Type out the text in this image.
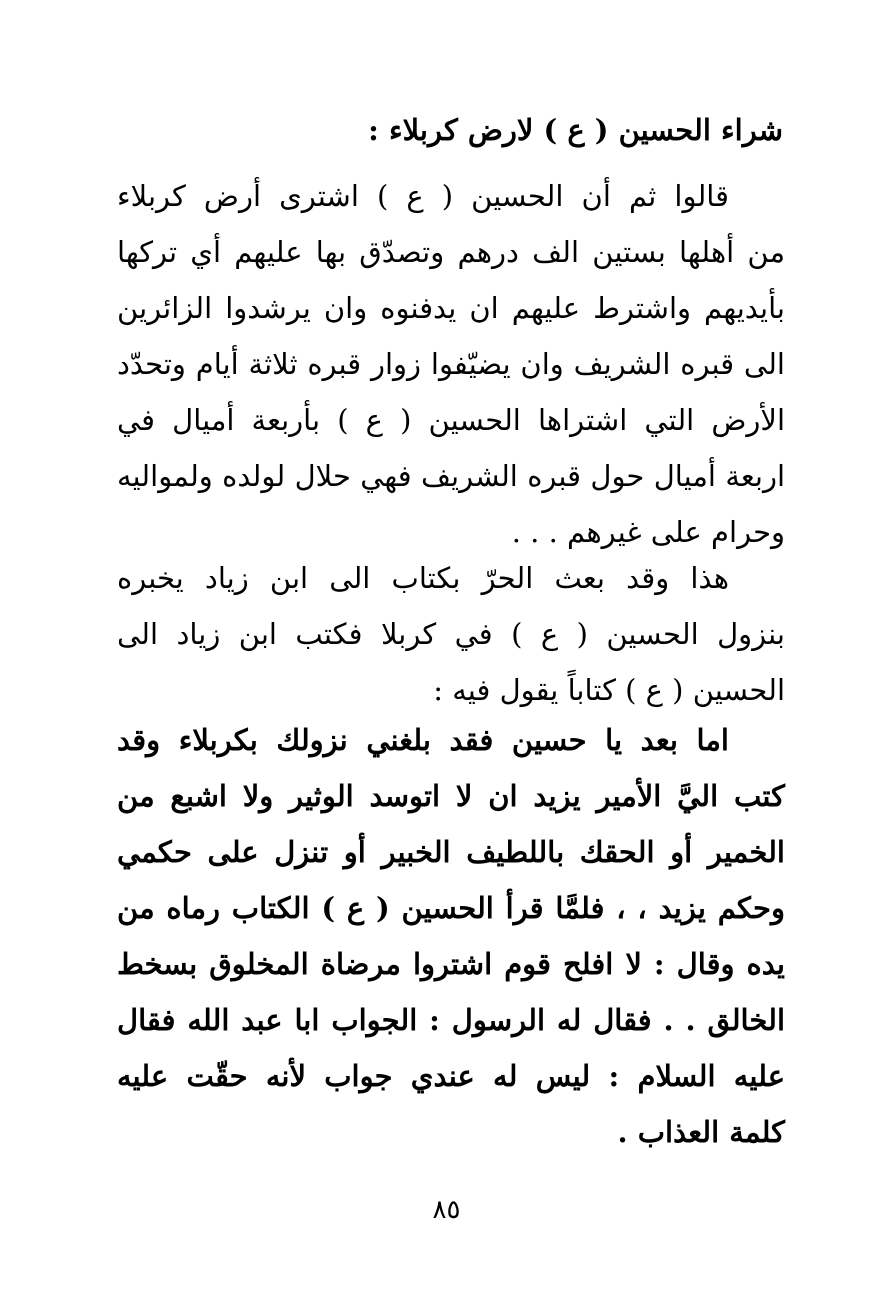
شراء الحسين ( ع ) لارض كربلاء :
قالوا ثم أن الحسين ( ع ) اشترى أرض كربلاء
من أهلها بستين الف درهم وتصدّق بها عليهم أي تركها
بأيديهم واشترط عليهم ان يدفنوه وان يرشدوا الزائرين
الى قبره الشريف وان يضيّفوا زوار قبره ثلاثة أيام وتحدّد
الأرض التي اشتراها الحسين ( ع ) بأربعة أميال في
اربعة أميال حول قبره الشريف فهي حلال لولده ولمواليه
وحرام على غيرهم . . .
هذا وقد بعث الحرّ بكتاب الى ابن زياد يخبره
بنزول الحسين ( ع ) في كربلا فكتب ابن زياد الى
الحسين ( ع ) كتاباً يقول فيه :
اما بعد يا حسين فقد بلغني نزولك بكربلاء وقد
كتب اليَّ الأمير يزيد ان لا اتوسد الوثير ولا اشبع من
الخمير أو الحقك باللطيف الخبير أو تنزل على حكمي
وحكم يزيد ، ، فلمَّا قرأ الحسين ( ع ) الكتاب رماه من
يده وقال : لا افلح قوم اشتروا مرضاة المخلوق بسخط
الخالق . . فقال له الرسول : الجواب ابا عبد الله فقال
عليه السلام : ليس له عندي جواب لأنه حقّت عليه
كلمة العذاب .
٨٥
